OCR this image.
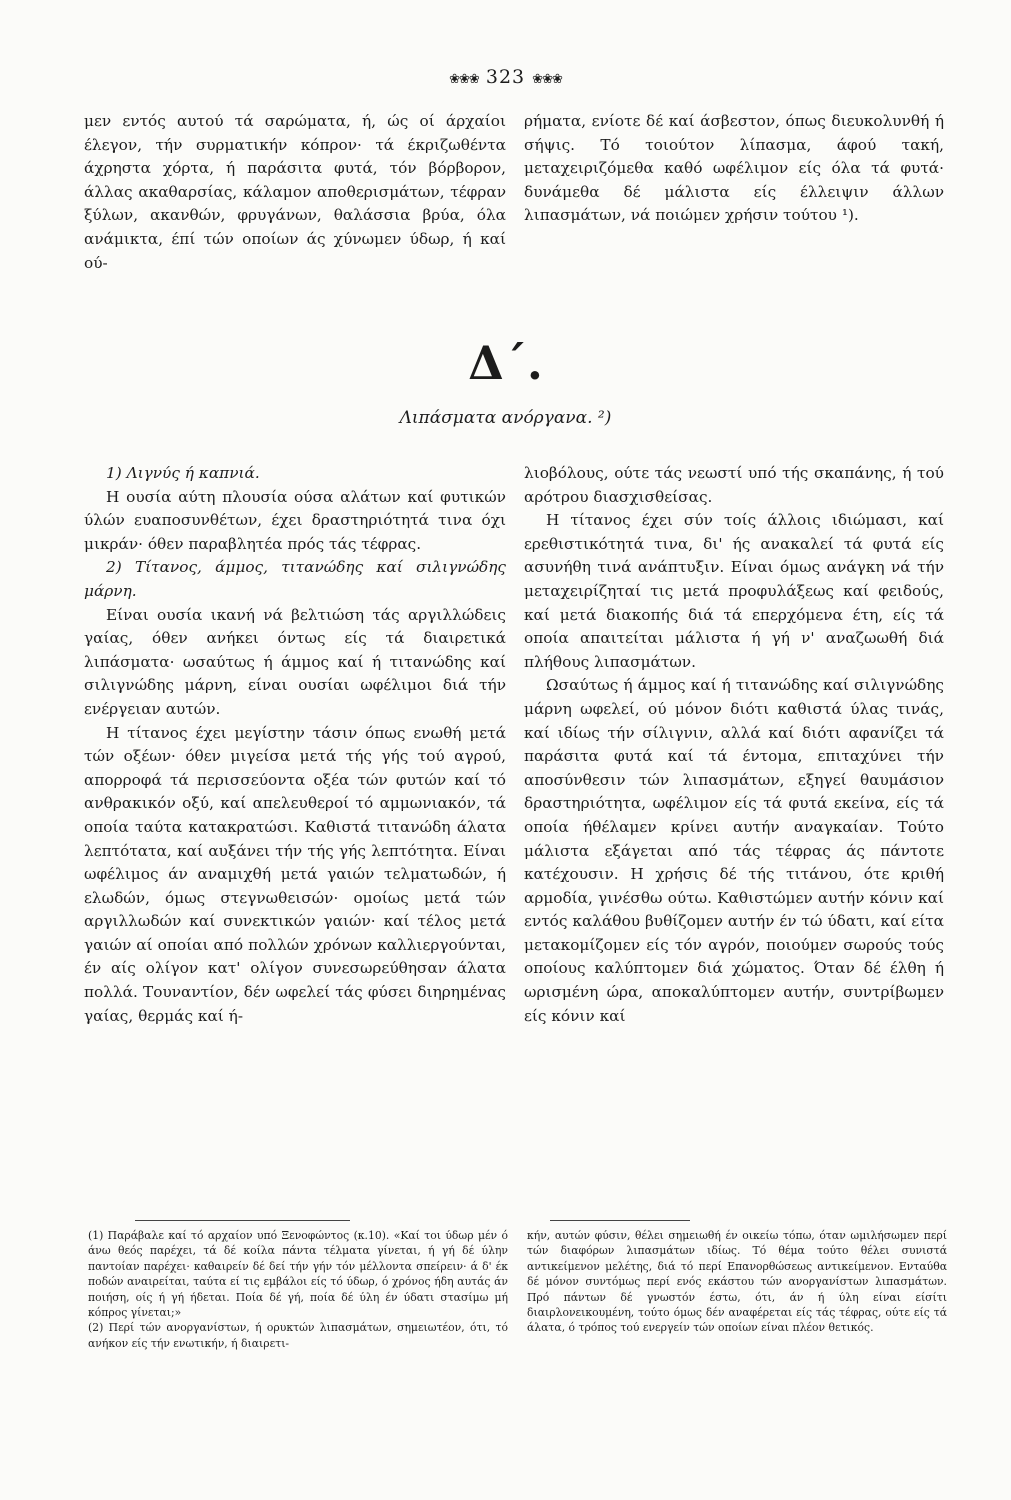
❀❀❀ 323 ❀❀❀

μεν εντός αυτού τά σαρώματα, ή, ώς οί άρχαίοι έλεγον, τήν συρματικήν κόπρον· τά έκριζωθέντα άχρηστα χόρτα, ή παράσιτα φυτά, τόν βόρβορον, άλλας ακαθαρσίας, κάλαμον αποθερισμάτων, τέφραν ξύλων, ακανθών, φρυγάνων, θαλάσσια βρύα, όλα ανάμικτα, έπί τών οποίων άς χύνωμεν ύδωρ, ή καί ού-

ρήματα, ενίοτε δέ καί άσβεστον, όπως διευκολυνθή ή σήψις. Τό τοιούτον λίπασμα, άφού τακή, μεταχειριζόμεθα καθό ωφέλιμον είς όλα τά φυτά· δυνάμεθα δέ μάλιστα είς έλλειψιν άλλων λιπασμάτων, νά ποιώμεν χρήσιν τούτου ¹).

Δ΄.
Λιπάσματα ανόργανα. ²)

1) Λιγνύς ή καπνιά.

Η ουσία αύτη πλουσία ούσα αλάτων καί φυτικών ύλών ευαποσυνθέτων, έχει δραστηριότητά τινα όχι μικράν· όθεν παραβλητέα πρός τάς τέφρας.

2) Τίτανος, άμμος, τιτανώδης καί σιλιγνώδης μάρνη.

Είναι ουσία ικανή νά βελτιώση τάς αργιλλώδεις γαίας, όθεν ανήκει όντως είς τά διαιρετικά λιπάσματα· ωσαύτως ή άμμος καί ή τιτανώδης καί σιλιγνώδης μάρνη, είναι ουσίαι ωφέλιμοι διά τήν ενέργειαν αυτών.

Η τίτανος έχει μεγίστην τάσιν όπως ενωθή μετά τών οξέων· όθεν μιγείσα μετά τής γής τού αγρού, απορροφά τά περισσεύοντα οξέα τών φυτών καί τό ανθρακικόν οξύ, καί απελευθεροί τό αμμωνιακόν, τά οποία ταύτα κατακρατώσι. Καθιστά τιτανώδη άλατα λεπτότατα, καί αυξάνει τήν τής γής λεπτότητα. Είναι ωφέλιμος άν αναμιχθή μετά γαιών τελματωδών, ή ελωδών, όμως στεγνωθεισών· ομοίως μετά τών αργιλλωδών καί συνεκτικών γαιών· καί τέλος μετά γαιών αί οποίαι από πολλών χρόνων καλλιεργούνται, έν αίς ολίγον κατ' ολίγον συνεσωρεύθησαν άλατα πολλά. Τουναντίον, δέν ωφελεί τάς φύσει διηρημένας γαίας, θερμάς καί ή-

λιοβόλους, ούτε τάς νεωστί υπό τής σκαπάνης, ή τού αρότρου διασχισθείσας.

Η τίτανος έχει σύν τοίς άλλοις ιδιώμασι, καί ερεθιστικότητά τινα, δι' ής ανακαλεί τά φυτά είς ασυνήθη τινά ανάπτυξιν. Είναι όμως ανάγκη νά τήν μεταχειρίζηταί τις μετά προφυλάξεως καί φειδούς, καί μετά διακοπής διά τά επερχόμενα έτη, είς τά οποία απαιτείται μάλιστα ή γή ν' αναζωωθή διά πλήθους λιπασμάτων.

Ωσαύτως ή άμμος καί ή τιτανώδης καί σιλιγνώδης μάρνη ωφελεί, ού μόνον διότι καθιστά ύλας τινάς, καί ιδίως τήν σίλιγνιν, αλλά καί διότι αφανίζει τά παράσιτα φυτά καί τά έντομα, επιταχύνει τήν αποσύνθεσιν τών λιπασμάτων, εξηγεί θαυμάσιον δραστηριότητα, ωφέλιμον είς τά φυτά εκείνα, είς τά οποία ήθέλαμεν κρίνει αυτήν αναγκαίαν. Τούτο μάλιστα εξάγεται από τάς τέφρας άς πάντοτε κατέχουσιν. Η χρήσις δέ τής τιτάνου, ότε κριθή αρμοδία, γινέσθω ούτω. Καθιστώμεν αυτήν κόνιν καί εντός καλάθου βυθίζομεν αυτήν έν τώ ύδατι, καί είτα μετακομίζομεν είς τόν αγρόν, ποιούμεν σωρούς τούς οποίους καλύπτομεν διά χώματος. Όταν δέ έλθη ή ωρισμένη ώρα, αποκαλύπτομεν αυτήν, συντρίβωμεν είς κόνιν καί

(1) Παράβαλε καί τό αρχαίον υπό Ξενοφώντος (κ.10). «Καί τοι ύδωρ μέν ό άνω θεός παρέχει, τά δέ κοίλα πάντα τέλματα γίνεται, ή γή δέ ύλην παντοίαν παρέχει· καθαιρείν δέ δεί τήν γήν τόν μέλλοντα σπείρειν· ά δ' έκ ποδών αναιρείται, ταύτα εί τις εμβάλοι είς τό ύδωρ, ό χρόνος ήδη αυτάς άν ποιήση, οίς ή γή ήδεται. Ποία δέ γή, ποία δέ ύλη έν ύδατι στασίμω μή κόπρος γίνεται;»

(2) Περί τών ανοργανίστων, ή ορυκτών λιπασμάτων, σημειωτέον, ότι, τό ανήκον είς τήν ενωτικήν, ή διαιρετι-

κήν, αυτών φύσιν, θέλει σημειωθή έν οικείω τόπω, όταν ωμιλήσωμεν περί τών διαφόρων λιπασμάτων ιδίως. Τό θέμα τούτο θέλει συνιστά αντικείμενον μελέτης, διά τό περί Επανορθώσεως αντικείμενον. Ενταύθα δέ μόνον συντόμως περί ενός εκάστου τών ανοργανίστων λιπασμάτων. Πρό πάντων δέ γνωστόν έστω, ότι, άν ή ύλη είναι είσίτι διαιρλονεικουμένη, τούτο όμως δέν αναφέρεται είς τάς τέφρας, ούτε είς τά άλατα, ό τρόπος τού ενεργείν τών οποίων είναι πλέον θετικός.
